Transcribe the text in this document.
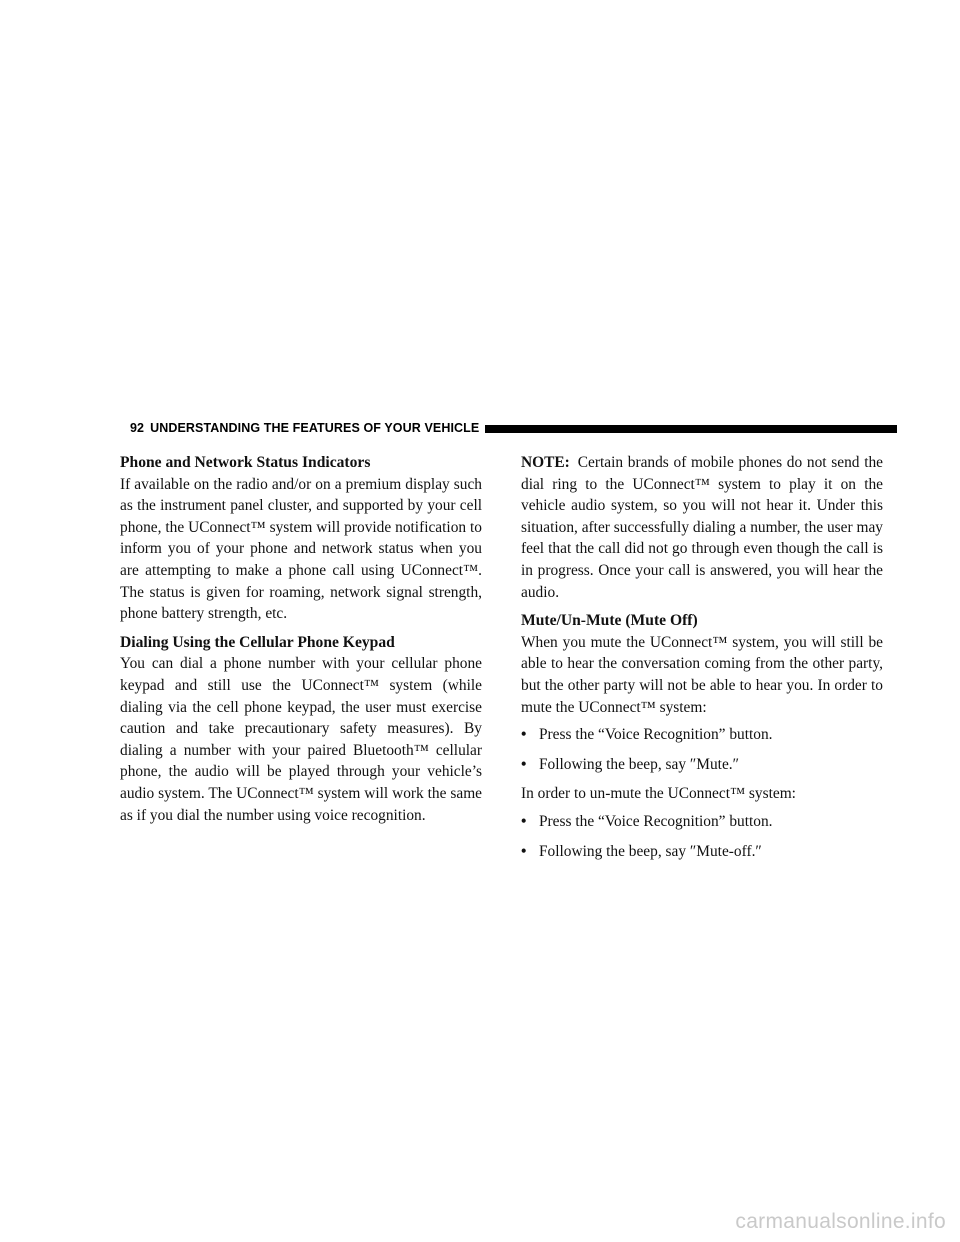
92 UNDERSTANDING THE FEATURES OF YOUR VEHICLE
Phone and Network Status Indicators

If available on the radio and/or on a premium display such as the instrument panel cluster, and supported by your cell phone, the UConnect™ system will provide notification to inform you of your phone and network status when you are attempting to make a phone call using UConnect™. The status is given for roaming, network signal strength, phone battery strength, etc.

Dialing Using the Cellular Phone Keypad

You can dial a phone number with your cellular phone keypad and still use the UConnect™ system (while dialing via the cell phone keypad, the user must exercise caution and take precautionary safety measures). By dialing a number with your paired Bluetooth™ cellular phone, the audio will be played through your vehicle’s audio system. The UConnect™ system will work the same as if you dial the number using voice recognition.

NOTE: Certain brands of mobile phones do not send the dial ring to the UConnect™ system to play it on the vehicle audio system, so you will not hear it. Under this situation, after successfully dialing a number, the user may feel that the call did not go through even though the call is in progress. Once your call is answered, you will hear the audio.

Mute/Un-Mute (Mute Off)

When you mute the UConnect™ system, you will still be able to hear the conversation coming from the other party, but the other party will not be able to hear you. In order to mute the UConnect™ system:

• Press the “Voice Recognition” button.
• Following the beep, say ″Mute.″

In order to un-mute the UConnect™ system:

• Press the “Voice Recognition” button.
• Following the beep, say ″Mute-off.″
carmanualsonline.info
